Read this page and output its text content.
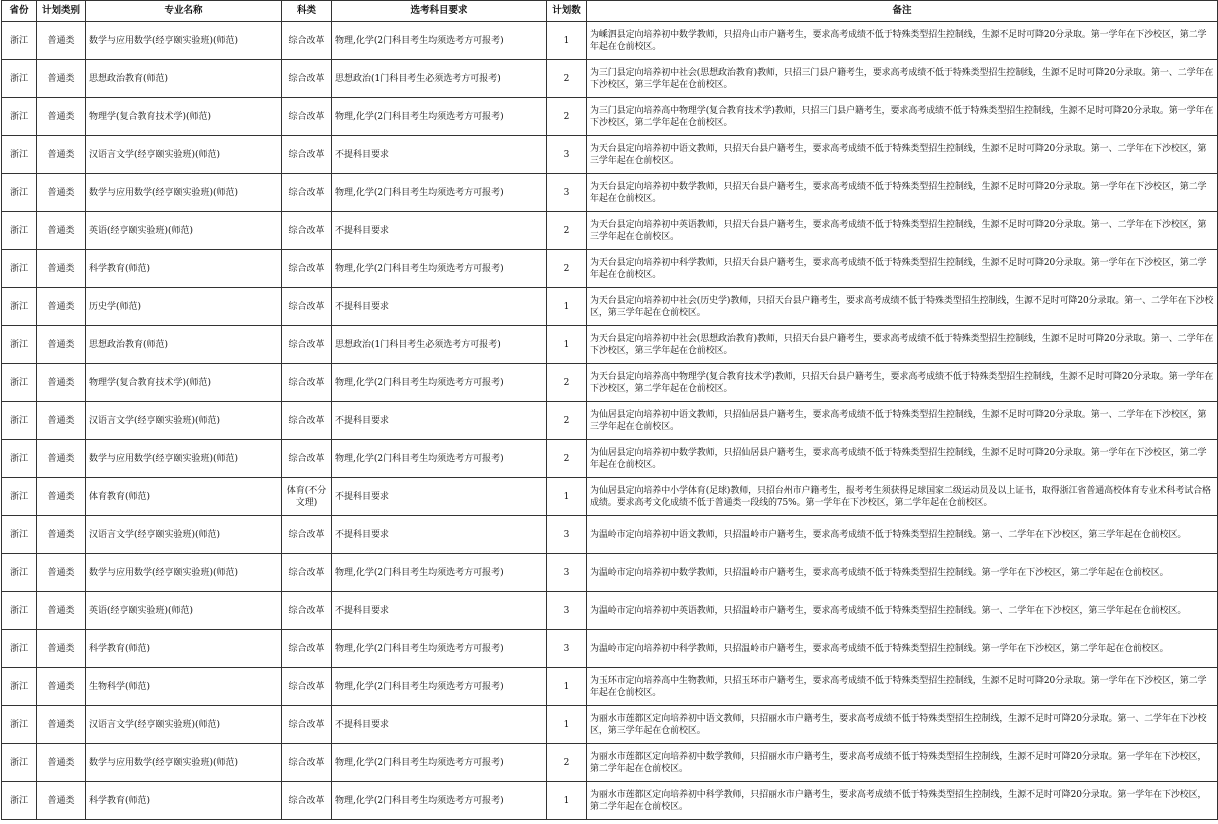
省份	计划类别	专业名称	科类	选考科目要求	计划数	备注
浙江	普通类	数学与应用数学(经亨颐实验班)(师范)	综合改革	物理,化学(2门科目考生均须选考方可报考)	1	为嵊泗县定向培养初中数学教师，只招舟山市户籍考生，要求高考成绩不低于特殊类型招生控制线，生源不足时可降20分录取。第一学年在下沙校区，第二学年起在仓前校区。
浙江	普通类	思想政治教育(师范)	综合改革	思想政治(1门科目考生必须选考方可报考)	2	为三门县定向培养初中社会(思想政治教育)教师，只招三门县户籍考生，要求高考成绩不低于特殊类型招生控制线，生源不足时可降20分录取。第一、二学年在下沙校区，第三学年起在仓前校区。
浙江	普通类	物理学(复合教育技术学)(师范)	综合改革	物理,化学(2门科目考生均须选考方可报考)	2	为三门县定向培养高中物理学(复合教育技术学)教师，只招三门县户籍考生，要求高考成绩不低于特殊类型招生控制线，生源不足时可降20分录取。第一学年在下沙校区，第二学年起在仓前校区。
浙江	普通类	汉语言文学(经亨颐实验班)(师范)	综合改革	不提科目要求	3	为天台县定向培养初中语文教师，只招天台县户籍考生，要求高考成绩不低于特殊类型招生控制线，生源不足时可降20分录取。第一、二学年在下沙校区，第三学年起在仓前校区。
浙江	普通类	数学与应用数学(经亨颐实验班)(师范)	综合改革	物理,化学(2门科目考生均须选考方可报考)	3	为天台县定向培养初中数学教师，只招天台县户籍考生，要求高考成绩不低于特殊类型招生控制线，生源不足时可降20分录取。第一学年在下沙校区，第二学年起在仓前校区。
浙江	普通类	英语(经亨颐实验班)(师范)	综合改革	不提科目要求	2	为天台县定向培养初中英语教师，只招天台县户籍考生，要求高考成绩不低于特殊类型招生控制线，生源不足时可降20分录取。第一、二学年在下沙校区，第三学年起在仓前校区。
浙江	普通类	科学教育(师范)	综合改革	物理,化学(2门科目考生均须选考方可报考)	2	为天台县定向培养初中科学教师，只招天台县户籍考生，要求高考成绩不低于特殊类型招生控制线，生源不足时可降20分录取。第一学年在下沙校区，第二学年起在仓前校区。
浙江	普通类	历史学(师范)	综合改革	不提科目要求	1	为天台县定向培养初中社会(历史学)教师，只招天台县户籍考生，要求高考成绩不低于特殊类型招生控制线，生源不足时可降20分录取。第一、二学年在下沙校区，第三学年起在仓前校区。
浙江	普通类	思想政治教育(师范)	综合改革	思想政治(1门科目考生必须选考方可报考)	1	为天台县定向培养初中社会(思想政治教育)教师，只招天台县户籍考生，要求高考成绩不低于特殊类型招生控制线，生源不足时可降20分录取。第一、二学年在下沙校区，第三学年起在仓前校区。
浙江	普通类	物理学(复合教育技术学)(师范)	综合改革	物理,化学(2门科目考生均须选考方可报考)	2	为天台县定向培养高中物理学(复合教育技术学)教师，只招天台县户籍考生，要求高考成绩不低于特殊类型招生控制线，生源不足时可降20分录取。第一学年在下沙校区，第二学年起在仓前校区。
浙江	普通类	汉语言文学(经亨颐实验班)(师范)	综合改革	不提科目要求	2	为仙居县定向培养初中语文教师，只招仙居县户籍考生，要求高考成绩不低于特殊类型招生控制线，生源不足时可降20分录取。第一、二学年在下沙校区，第三学年起在仓前校区。
浙江	普通类	数学与应用数学(经亨颐实验班)(师范)	综合改革	物理,化学(2门科目考生均须选考方可报考)	2	为仙居县定向培养初中数学教师，只招仙居县户籍考生，要求高考成绩不低于特殊类型招生控制线，生源不足时可降20分录取。第一学年在下沙校区，第二学年起在仓前校区。
浙江	普通类	体育教育(师范)	体育(不分文理)	不提科目要求	1	为仙居县定向培养中小学体育(足球)教师，只招台州市户籍考生，报考考生须获得足球国家二级运动员及以上证书，取得浙江省普通高校体育专业术科考试合格成绩。要求高考文化成绩不低于普通类一段线的75%。第一学年在下沙校区，第二学年起在仓前校区。
浙江	普通类	汉语言文学(经亨颐实验班)(师范)	综合改革	不提科目要求	3	为温岭市定向培养初中语文教师，只招温岭市户籍考生，要求高考成绩不低于特殊类型招生控制线。第一、二学年在下沙校区，第三学年起在仓前校区。
浙江	普通类	数学与应用数学(经亨颐实验班)(师范)	综合改革	物理,化学(2门科目考生均须选考方可报考)	3	为温岭市定向培养初中数学教师，只招温岭市户籍考生，要求高考成绩不低于特殊类型招生控制线。第一学年在下沙校区，第二学年起在仓前校区。
浙江	普通类	英语(经亨颐实验班)(师范)	综合改革	不提科目要求	3	为温岭市定向培养初中英语教师，只招温岭市户籍考生，要求高考成绩不低于特殊类型招生控制线。第一、二学年在下沙校区，第三学年起在仓前校区。
浙江	普通类	科学教育(师范)	综合改革	物理,化学(2门科目考生均须选考方可报考)	3	为温岭市定向培养初中科学教师，只招温岭市户籍考生，要求高考成绩不低于特殊类型招生控制线。第一学年在下沙校区，第二学年起在仓前校区。
浙江	普通类	生物科学(师范)	综合改革	物理,化学(2门科目考生均须选考方可报考)	1	为玉环市定向培养高中生物教师，只招玉环市户籍考生，要求高考成绩不低于特殊类型招生控制线，生源不足时可降20分录取。第一学年在下沙校区，第二学年起在仓前校区。
浙江	普通类	汉语言文学(经亨颐实验班)(师范)	综合改革	不提科目要求	1	为丽水市莲都区定向培养初中语文教师，只招丽水市户籍考生，要求高考成绩不低于特殊类型招生控制线，生源不足时可降20分录取。第一、二学年在下沙校区，第三学年起在仓前校区。
浙江	普通类	数学与应用数学(经亨颐实验班)(师范)	综合改革	物理,化学(2门科目考生均须选考方可报考)	2	为丽水市莲都区定向培养初中数学教师，只招丽水市户籍考生，要求高考成绩不低于特殊类型招生控制线，生源不足时可降20分录取。第一学年在下沙校区，第二学年起在仓前校区。
浙江	普通类	科学教育(师范)	综合改革	物理,化学(2门科目考生均须选考方可报考)	1	为丽水市莲都区定向培养初中科学教师，只招丽水市户籍考生，要求高考成绩不低于特殊类型招生控制线，生源不足时可降20分录取。第一学年在下沙校区，第二学年起在仓前校区。
